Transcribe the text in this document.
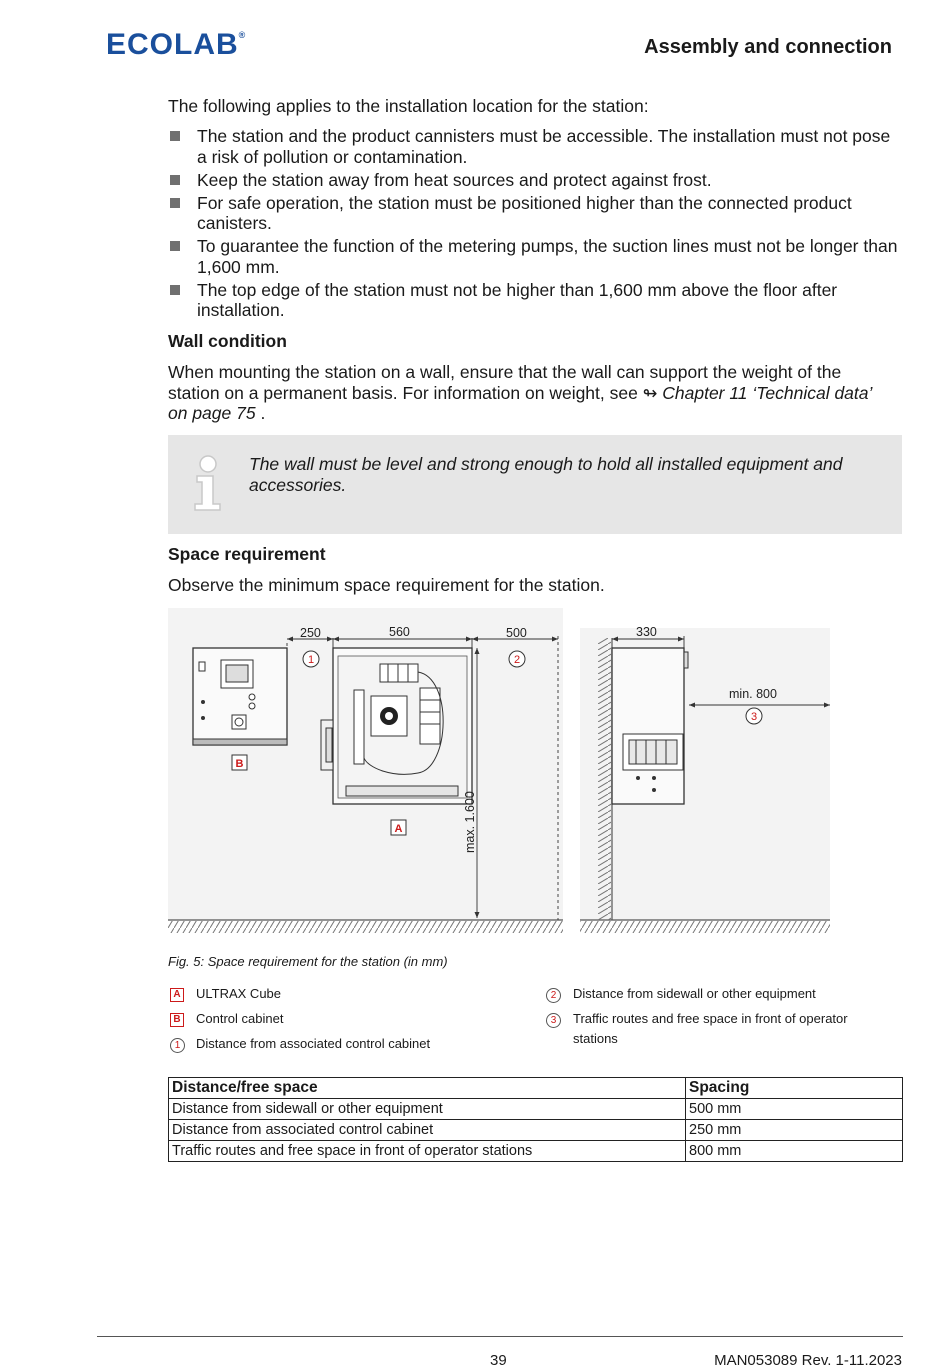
ECOLAB®
Assembly and connection
The following applies to the installation location for the station:
The station and the product cannisters must be accessible. The installation must not pose a risk of pollution or contamination.
Keep the station away from heat sources and protect against frost.
For safe operation, the station must be positioned higher than the connected product canisters.
To guarantee the function of the metering pumps, the suction lines must not be longer than 1,600 mm.
The top edge of the station must not be higher than 1,600 mm above the floor after installation.
Wall condition
When mounting the station on a wall, ensure that the wall can support the weight of the station on a permanent basis. For information on weight, see ↬ Chapter 11 ‘Technical data’ on page 75 .
The wall must be level and strong enough to hold all installed equipment and accessories.
Space requirement
Observe the minimum space requirement for the station.
250	560	500	330
min. 800
max. 1.600
1	2
3
A
B
Fig. 5: Space requirement for the station (in mm)
A ULTRAX Cube
B Control cabinet
1	Distance from associated control cabinet
2	Distance from sidewall or other equipment
3	Traffic routes and free space in front of operator stations
Distance/free space	Spacing
Distance from sidewall or other equipment	500 mm
Distance from associated control cabinet	250 mm
Traffic routes and free space in front of operator stations	800 mm
39	MAN053089 Rev. 1-11.2023
